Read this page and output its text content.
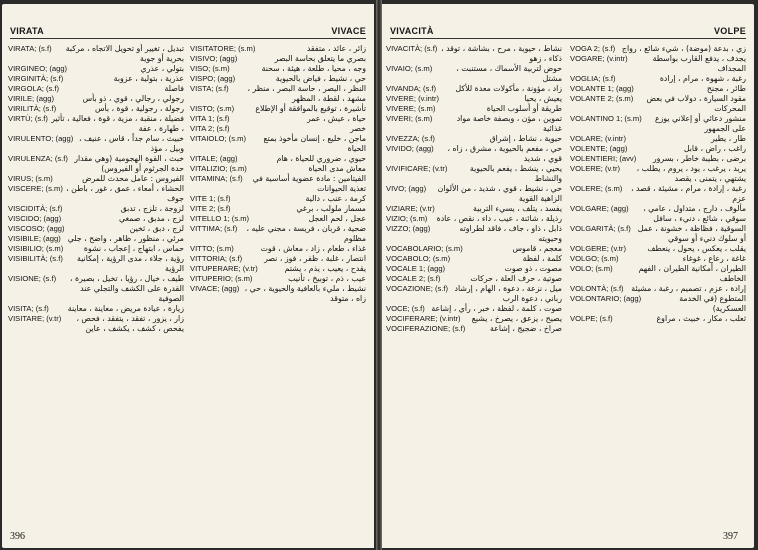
VIRATA	VIVACE
VIRATA; (s.f)	تبديل ، تغيير أو تحويل الاتجاه ، مركبة بحرية أو جوية
VIRGINEO; (agg)	بتولي ، عذري
VIRGINITÀ; (s.f)	عذرية ، بتولية ، عزوبة
VIRGOLA; (s.f)	فاصلة
VIRILE; (agg)	رجولي ، رجالي ، قوي ، ذو بأس
VIRILITÀ; (s.f)	رجولة ، رجولية ، قوة ، بأس
VIRTÙ; (s.f) فضيلة ، منقبة ، مزية ، قوة ، فعالية ، تأثير ، طهارة ، عفة
VIRULENTO; (agg) خبيث ، سام جداً ، قاس ، عنيف ، وبيل ، مؤذ
VIRULENZA; (s.f) خبث ، القوة الهجومية (وهي مقدار حدة الجرثوم أو الفيروس)
VIRUS; (s.m)	الفيروس : عامل محدث للمرض
VISCERE; (s.m) الحشاء ، أمعاء ، عمق ، غور ، باطن ، جوف
VISCIDITÀ; (s.f)	لزوجة ، تلزج ، تدبق
VISCIDO; (agg)	لزج ، مدبق ، صمغي
VISCOSO; (agg)	لزج ، دبق ، ثخين
VISIBILE; (agg) مرئي ، منظور ، ظاهر ، واضح ، جلي
VISIBILIO; (s.m)	حماس ، ابتهاج ، إعجاب ، نشوة
VISIBILITÀ; (s.f)	رؤية ، جلاء ، مدى الرؤية ، إمكانية الرؤية
VISIONE; (s.f)	طيف ، خيال ، رؤيا ، تخيل ، بصيرة ، القدرة على الكشف والتجلي عند الصوفية
VISITA; (s.f)	زيارة ، عيادة مريض ، معاينة ، معاينة
VISITARE; (v.tr)	زار ، يزور ، تفقد ، يتفقد ، فحص ، يفحص ، كشف ، يكشف ، عاين
VISITATORE; (s.m)	زائر ، عائد ، متفقد
VISIVO; (agg)	بصري ما يتعلق بحاسة البصر
VISO; (s.m)	وجه ، محيا ، طلعة ، هيئة ، سحنة
VISPO; (agg)	حي ، نشيط ، فياض بالحيوية
VISTA; (s.f)	النظر ، البصر ، حاسة البصر ، منظر ، مشهد ، لقطة ، المظهر
VISTO; (s.m)	تأشيرة ، توقيع بالموافقة أو الإطلاع
VITA 1; (s.f)	حياة ، عيش ، عمر
VITA 2; (s.f)	خصر
VITAIOLO; (s.m)	ماجن ، خليع ، إنسان مأخوذ بمتع الحياة
VITALE; (agg)	حيوي ، ضروري للحياة ، هام
VITALIZIO; (s.m)	معاش مدى الحياة
VITAMINA; (s.f)	الفيتامين : مادة عضوية أساسية في تغذية الحيوانات
VITE 1; (s.f)	كرمة ، عنب ، دالية
VITE 2; (s.f)	مسمار ملولب ، برغي
VITELLO 1; (s.m)	عجل ، لحم العجل
VITTIMA; (s.f)	ضحية ، قربان ، فريسة ، مجني عليه ، مظلوم
VITTO; (s.m)	غذاء ، طعام ، زاد ، معاش ، قوت
VITTORIA; (s.f)	انتصار ، غلبة ، ظفر ، فوز ، نصر
VITUPERARE; (v.tr)	يقدح ، يعيب ، يذم ، يشتم
VITUPERIO; (s.m)	عيب ، ذم ، توبيخ ، تأنيب
VIVACE; (agg) نشيط ، مليء بالعافية والحيوية ، حي ، زاه ، متوقد
396
VIVACITÀ	VOLPE
VIVACITÀ; (s.f) نشاط ، حيوية ، مرح ، بشاشة ، توقد ، ذكاء ، زهو
VIVAIO; (s.m)	حوض لتربية الأسماك ، مستنبت ، مشتل
VIVANDA; (s.f)	زاد ، مؤونة ، مأكولات معدة للأكل
VIVERE; (v.intr)	يعيش ، يحيا
VIVERE; (s.m)	طريقة أو أسلوب الحياة
VIVERI; (s.m)	تموين ، مؤن ، وبصفة خاصة مواد غذائية
VIVEZZA; (s.f)	حيوية ، نشاط ، إشراق
VIVIDO; (agg)	حي ، مفعم بالحيوية ، مشرق ، زاه ، قوي ، شديد
VIVIFICARE; (v.tr)	يحيي ، ينشط ، يفعم بالحيوية والنشاط
VIVO; (agg)	حي ، نشيط ، قوي ، شديد ، من الألوان الزاهية القوية
VIZIARE; (v.tr)	يفسد ، يتلف ، يسيء التربية
VIZIO; (s.m)	رذيلة ، شائنة ، عيب ، داء ، نقص ، عادة
VIZZO; (agg)	ذابل ، ذاو ، جاف ، فاقد لطراوته وحيويته
VOCABOLARIO; (s.m)	معجم ، قاموس
VOCABOLO; (s.m)	كلمة ، لفظة
VOCALE 1; (agg)	مصوت ، ذو صوت
VOCALE 2; (s.f)	صوتية ، حرف العلة ، حركات
VOCAZIONE; (s.f) ميل ، نزعة ، دعوة ، الهام ، إرشاد رباني ، دعوة الرب
VOCE; (s.f) صوت ، كلمة ، لفظة ، خبر ، رأي ، إشاعة
VOCIFERARE; (v.intr)	يصيح ، يزعق ، يصرخ ، يشيع
VOCIFERAZIONE; (s.f)	صراخ ، ضجيج ، إشاعة
VOGA 2; (s.f) زي ، بدعة (موضة) ، شيء شائع ، رواج
VOGARE; (v.intr)	يجدف ، يدفع القارب بواسطة المجداف
VOGLIA; (s.f)	رغبة ، شهوة ، مرام ، إرادة
VOLANTE 1; (agg)	طائر ، مجنح
VOLANTE 2; (s.m)	مقود السيارة ، دولاب في بعض المحركات
VOLANTINO 1; (s.m)	منشور دعائي أو إعلاني يوزع على الجمهور
VOLARE; (v.intr)	طار ، يطير
VOLENTE; (agg)	راغب ، راض ، قابل
VOLENTIERI; (avv)	برضى ، بطيبة خاطر ، بسرور
VOLERE; (v.tr)	يريد ، يرغب ، يود ، يروم ، يطلب ، يشتهي ، يتمنى ، يقصد
VOLERE; (s.m)	رغبة ، إرادة ، مرام ، مشيئة ، قصد ، عزم
VOLGARE; (agg)	مألوف ، دارج ، متداول ، عامي ، سوقي ، شائع ، دنيء ، سافل
VOLGARITÀ; (s.f) السوقية ، فظاظة ، خشونة ، عمل أو سلوك دنيء أو سوقي
VOLGERE; (v.tr)	يقلب ، يعكس ، يحول ، ينعطف
VOLGO; (s.m)	غاغة ، رعاع ، غوغاء
VOLO; (s.m)	الطيران ، أمكانية الطيران ، الفهم الخاطف
VOLONTÀ; (s.f) إرادة ، عزم ، تصميم ، رغبة ، مشيئة
VOLONTARIO; (agg)	المتطوع (في الخدمة العسكرية)
VOLPE; (s.f)	ثعلب ، مكار ، خبيث ، مراوغ
397
